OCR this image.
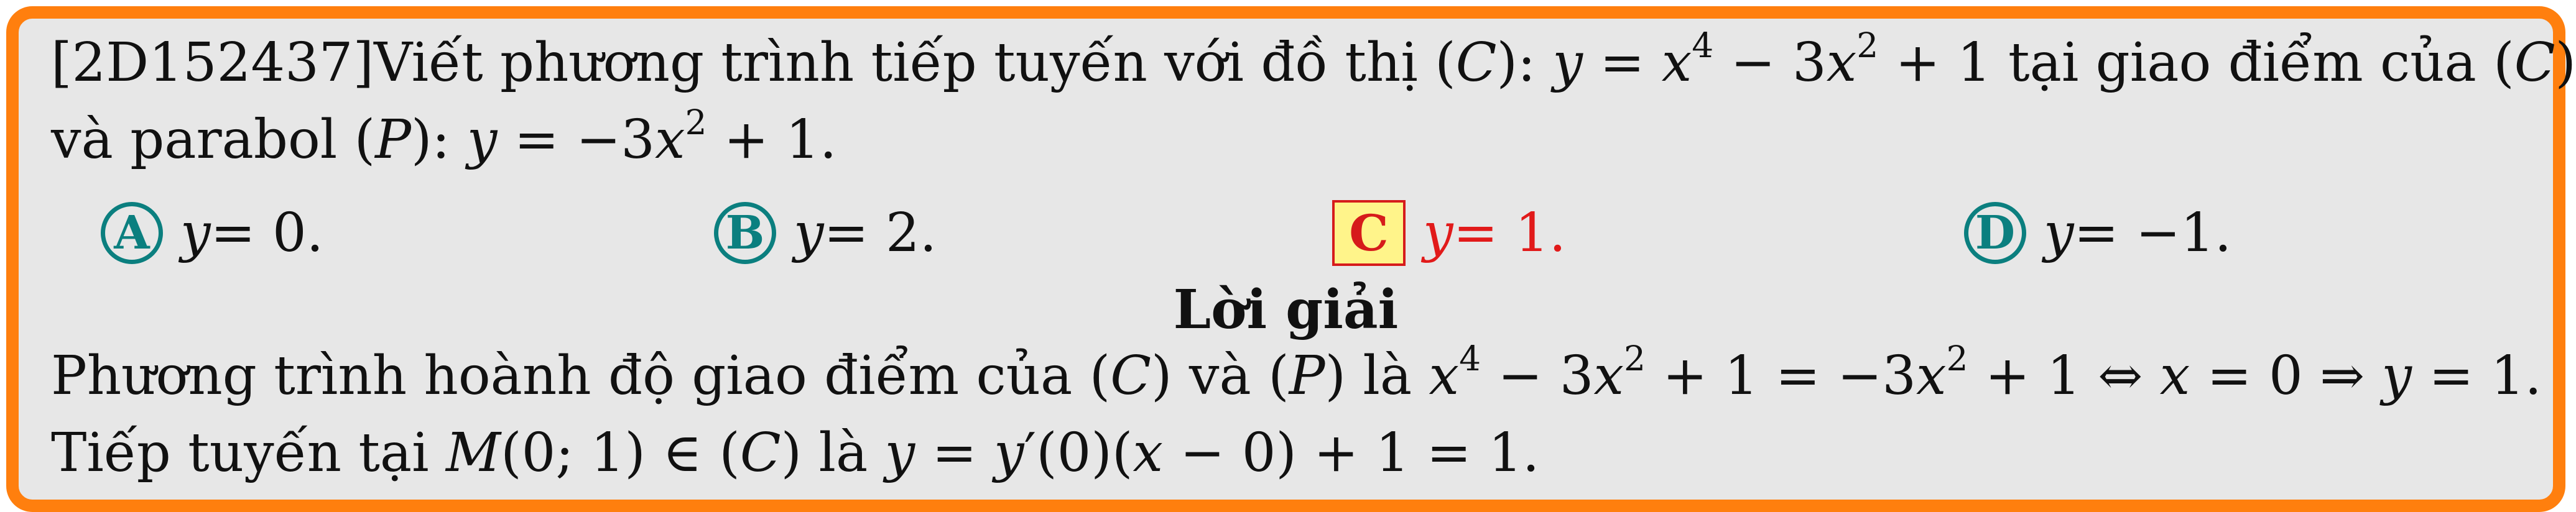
[2D152437]Viết phương trình tiếp tuyến với đồ thị (C): $y = x^4 - 3x^2 + 1$ tại giao điểm của (C)
và parabol (P): $y = -3x^2 + 1$.
A y = 0.	B y = 2.	C y = 1.	D y = −1.
Lời giải
Phương trình hoành độ giao điểm của (C) và (P) là $x^4 - 3x^2 + 1 = -3x^2 + 1$ ⇔ x = 0 ⇒ y = 1.
Tiếp tuyến tại M(0; 1) ∈ (C) là y = y′(0)(x − 0) + 1 = 1.
